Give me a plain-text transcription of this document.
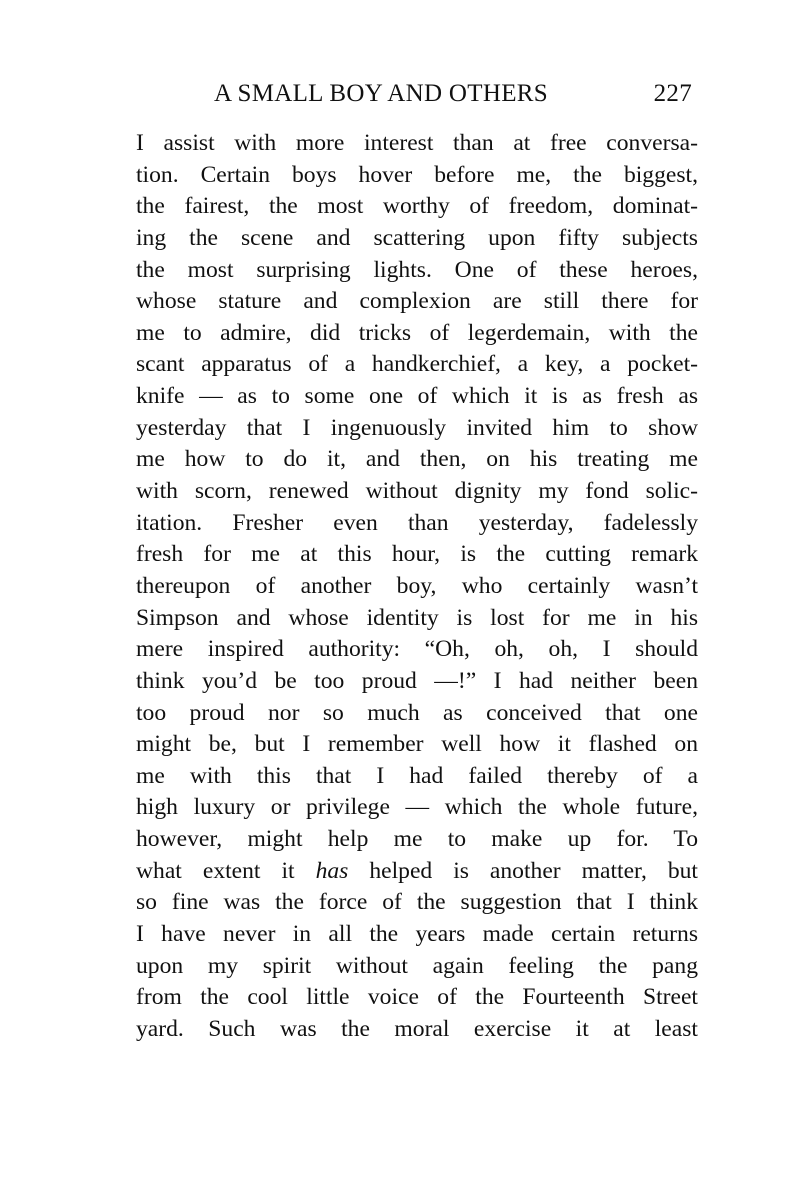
A SMALL BOY AND OTHERS	227
I assist with more interest than at free conversa-
tion. Certain boys hover before me, the biggest,
the fairest, the most worthy of freedom, dominat-
ing the scene and scattering upon fifty subjects
the most surprising lights. One of these heroes,
whose stature and complexion are still there for
me to admire, did tricks of legerdemain, with the
scant apparatus of a handkerchief, a key, a pocket-
knife — as to some one of which it is as fresh as
yesterday that I ingenuously invited him to show
me how to do it, and then, on his treating me
with scorn, renewed without dignity my fond solic-
itation. Fresher even than yesterday, fadelessly
fresh for me at this hour, is the cutting remark
thereupon of another boy, who certainly wasn’t
Simpson and whose identity is lost for me in his
mere inspired authority: “Oh, oh, oh, I should
think you’d be too proud —!” I had neither been
too proud nor so much as conceived that one
might be, but I remember well how it flashed on
me with this that I had failed thereby of a
high luxury or privilege — which the whole future,
however, might help me to make up for. To
what extent it has helped is another matter, but
so fine was the force of the suggestion that I think
I have never in all the years made certain returns
upon my spirit without again feeling the pang
from the cool little voice of the Fourteenth Street
yard. Such was the moral exercise it at least
